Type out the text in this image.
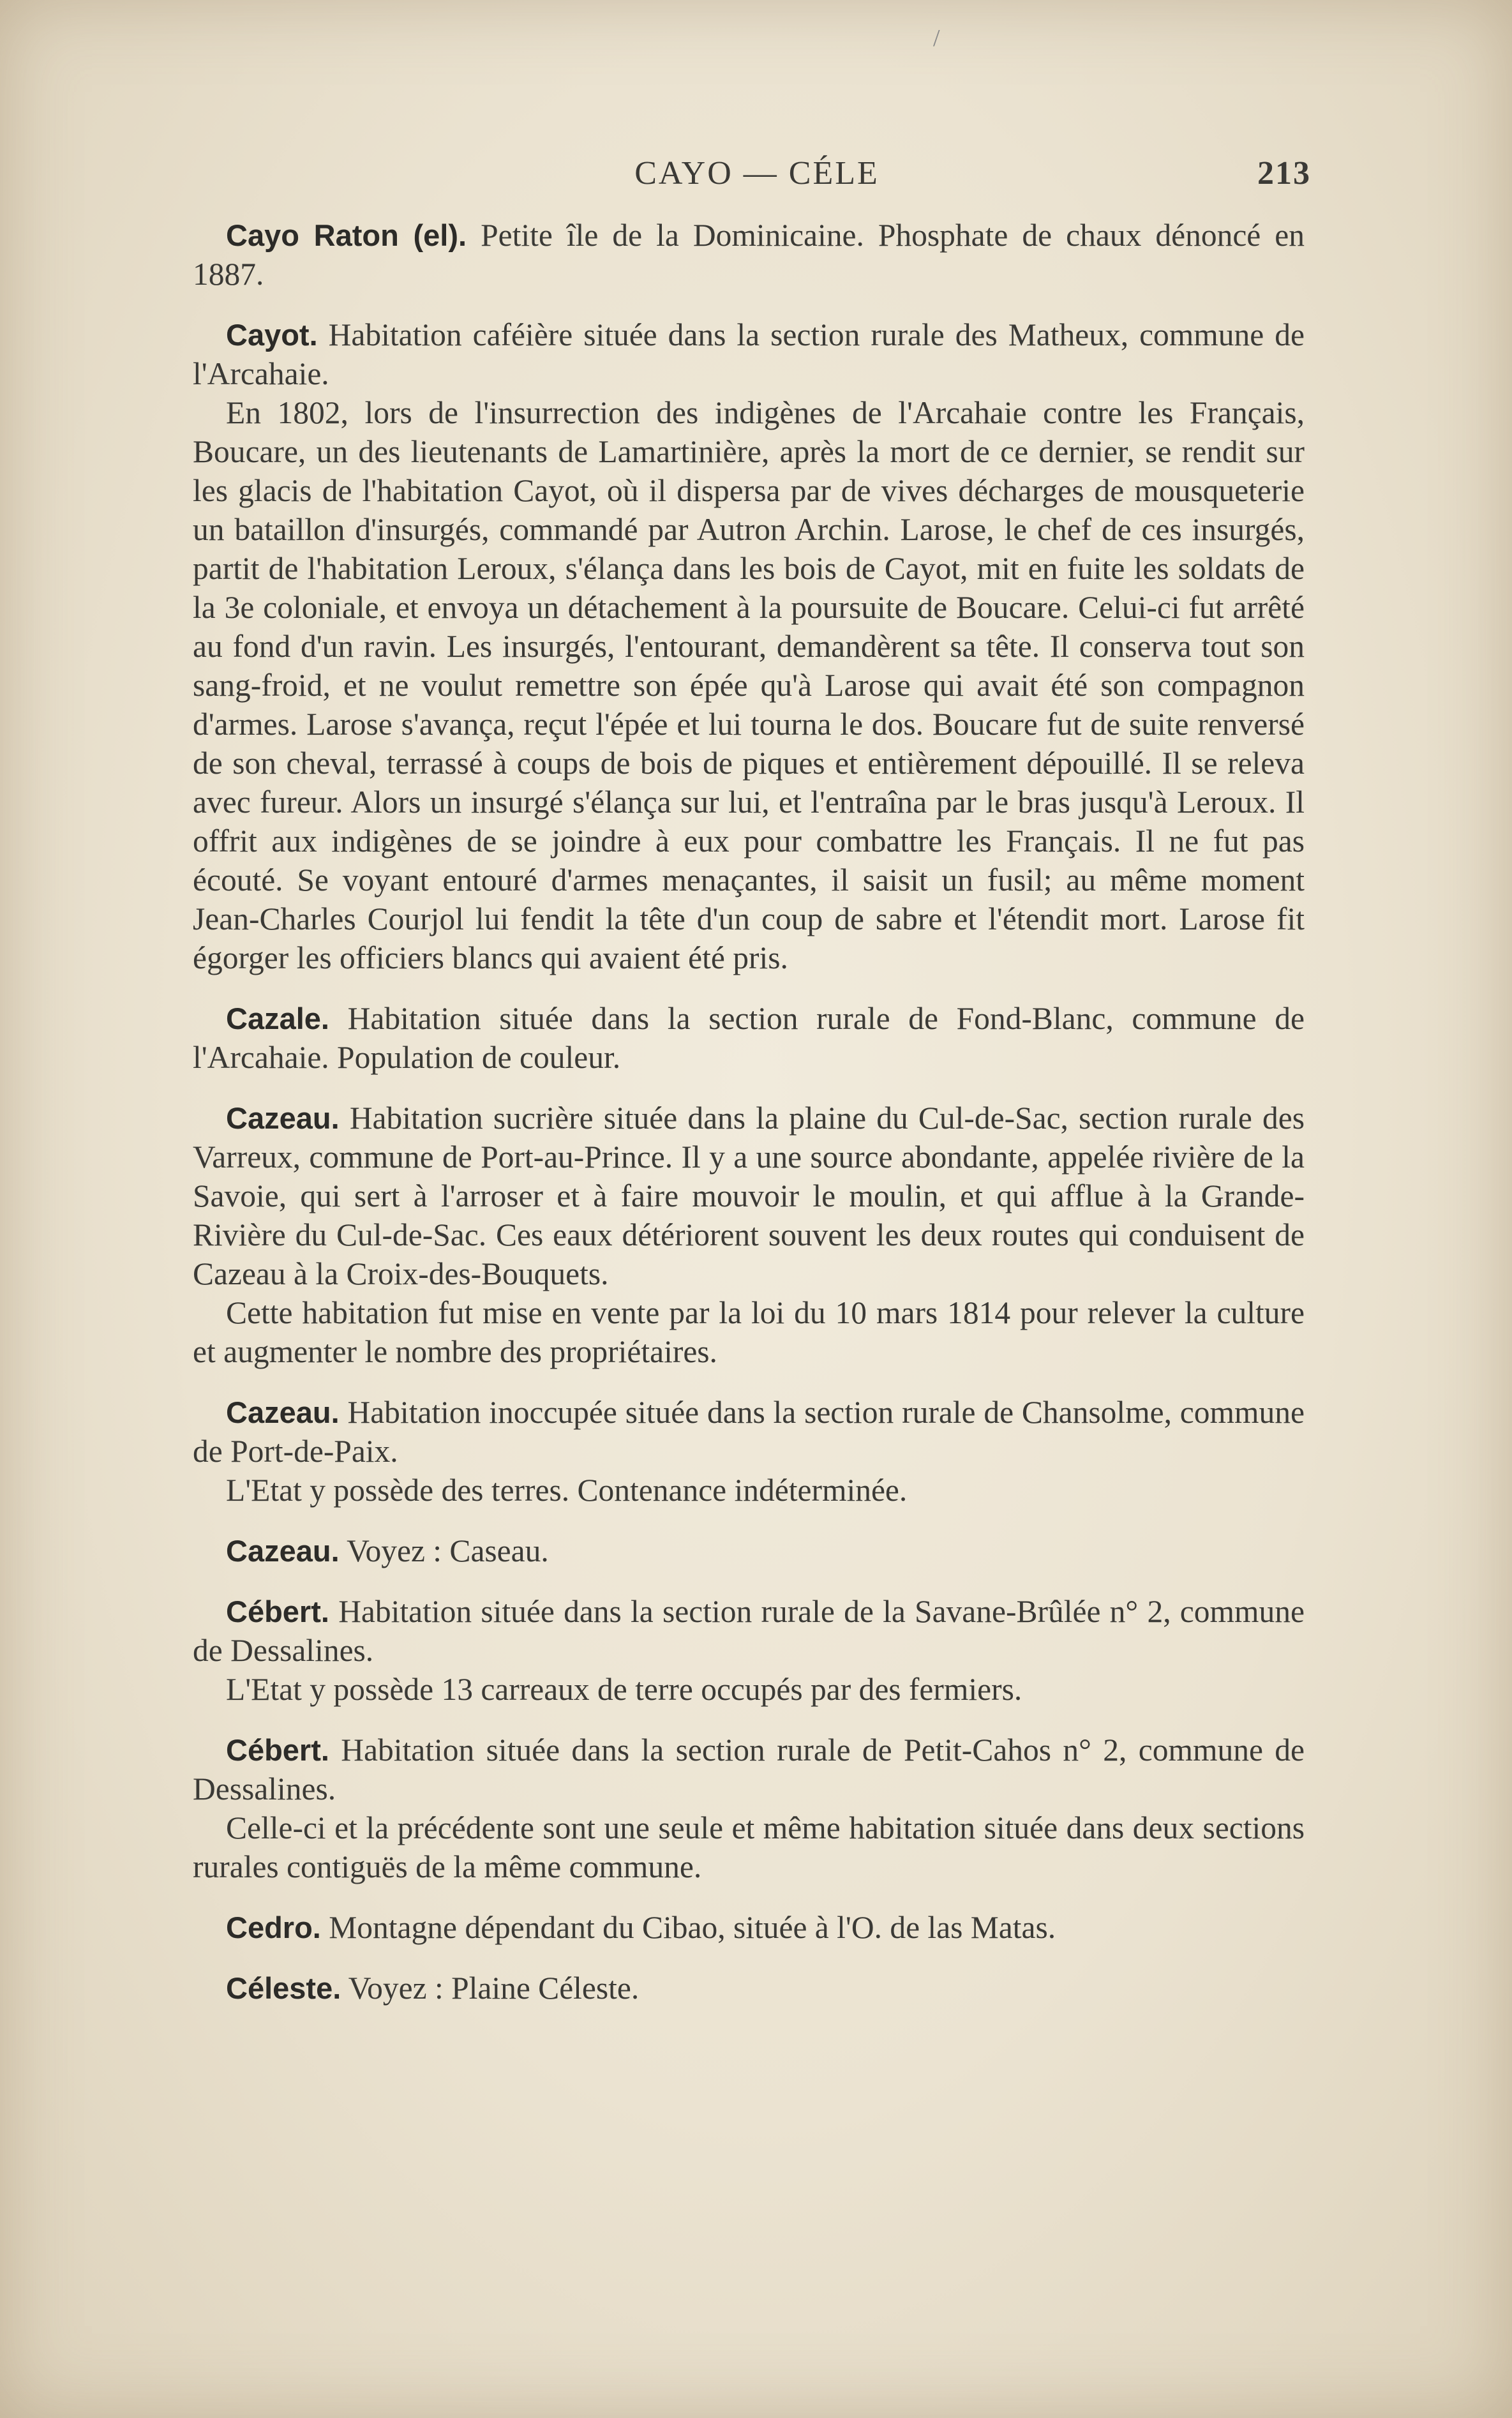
/
CAYO — CÉLE	213

Cayo Raton (el). Petite île de la Dominicaine. Phosphate de chaux dénoncé en 1887.

Cayot. Habitation caféière située dans la section rurale des Matheux, commune de l'Arcahaie.

En 1802, lors de l'insurrection des indigènes de l'Arcahaie contre les Français, Boucare, un des lieutenants de Lamartinière, après la mort de ce dernier, se rendit sur les glacis de l'habitation Cayot, où il dispersa par de vives décharges de mousqueterie un bataillon d'insurgés, commandé par Autron Archin. Larose, le chef de ces insurgés, partit de l'habitation Leroux, s'élança dans les bois de Cayot, mit en fuite les soldats de la 3e coloniale, et envoya un détachement à la poursuite de Boucare. Celui-ci fut arrêté au fond d'un ravin. Les insurgés, l'entourant, demandèrent sa tête. Il conserva tout son sang-froid, et ne voulut remettre son épée qu'à Larose qui avait été son compagnon d'armes. Larose s'avança, reçut l'épée et lui tourna le dos. Boucare fut de suite renversé de son cheval, terrassé à coups de bois de piques et entièrement dépouillé. Il se releva avec fureur. Alors un insurgé s'élança sur lui, et l'entraîna par le bras jusqu'à Leroux. Il offrit aux indigènes de se joindre à eux pour combattre les Français. Il ne fut pas écouté. Se voyant entouré d'armes menaçantes, il saisit un fusil; au même moment Jean-Charles Courjol lui fendit la tête d'un coup de sabre et l'étendit mort. Larose fit égorger les officiers blancs qui avaient été pris.

Cazale. Habitation située dans la section rurale de Fond-Blanc, commune de l'Arcahaie. Population de couleur.

Cazeau. Habitation sucrière située dans la plaine du Cul-de-Sac, section rurale des Varreux, commune de Port-au-Prince. Il y a une source abondante, appelée rivière de la Savoie, qui sert à l'arroser et à faire mouvoir le moulin, et qui afflue à la Grande-Rivière du Cul-de-Sac. Ces eaux détériorent souvent les deux routes qui conduisent de Cazeau à la Croix-des-Bouquets.

Cette habitation fut mise en vente par la loi du 10 mars 1814 pour relever la culture et augmenter le nombre des propriétaires.

Cazeau. Habitation inoccupée située dans la section rurale de Chansolme, commune de Port-de-Paix.

L'Etat y possède des terres. Contenance indéterminée.

Cazeau. Voyez : Caseau.

Cébert. Habitation située dans la section rurale de la Savane-Brûlée n° 2, commune de Dessalines.

L'Etat y possède 13 carreaux de terre occupés par des fermiers.

Cébert. Habitation située dans la section rurale de Petit-Cahos n° 2, commune de Dessalines.

Celle-ci et la précédente sont une seule et même habitation située dans deux sections rurales contiguës de la même commune.

Cedro. Montagne dépendant du Cibao, située à l'O. de las Matas.

Céleste. Voyez : Plaine Céleste.
